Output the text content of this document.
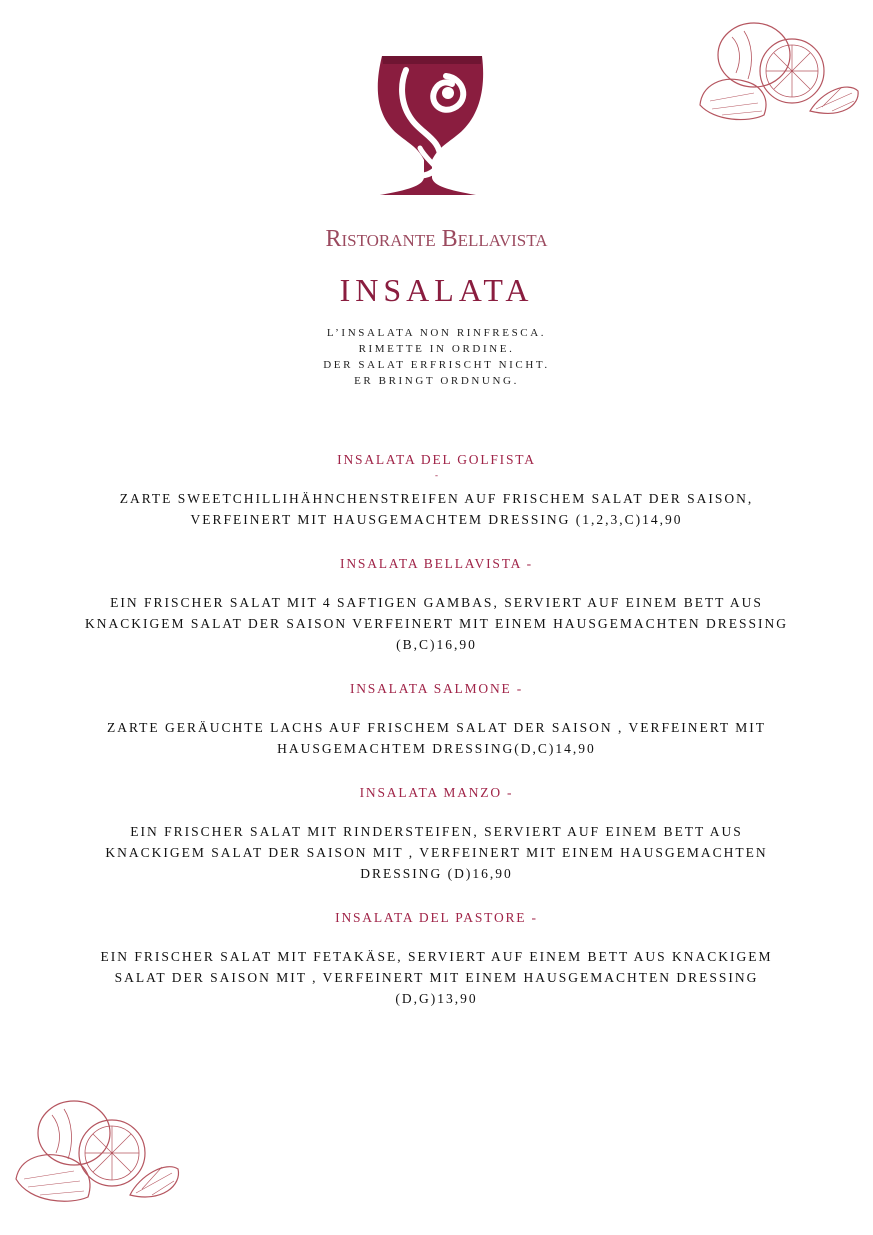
Ristorante Bellavista
INSALATA
L’INSALATA NON RINFRESCA.
RIMETTE IN ORDINE.
DER SALAT ERFRISCHT NICHT.
ER BRINGT ORDNUNG.
INSALATA DEL GOLFISTA
-
ZARTE SWEETCHILLIHÄHNCHENSTREIFEN AUF FRISCHEM SALAT DER SAISON,
VERFEINERT MIT HAUSGEMACHTEM DRESSING (1,2,3,C)14,90
INSALATA BELLAVISTA -
EIN FRISCHER SALAT MIT 4 SAFTIGEN GAMBAS, SERVIERT AUF EINEM BETT AUS
KNACKIGEM SALAT DER SAISON VERFEINERT MIT EINEM HAUSGEMACHTEN DRESSING
(B,C)16,90
INSALATA SALMONE -
ZARTE GERÄUCHTE LACHS AUF FRISCHEM SALAT DER SAISON , VERFEINERT MIT
HAUSGEMACHTEM DRESSING(D,C)14,90
INSALATA MANZO -
EIN FRISCHER SALAT MIT RINDERSTEIFEN, SERVIERT AUF EINEM BETT AUS
KNACKIGEM SALAT DER SAISON MIT , VERFEINERT MIT EINEM HAUSGEMACHTEN
DRESSING (D)16,90
INSALATA DEL PASTORE -
EIN FRISCHER SALAT MIT FETAKÄSE, SERVIERT AUF EINEM BETT AUS KNACKIGEM
SALAT DER SAISON MIT , VERFEINERT MIT EINEM HAUSGEMACHTEN DRESSING
(D,G)13,90
